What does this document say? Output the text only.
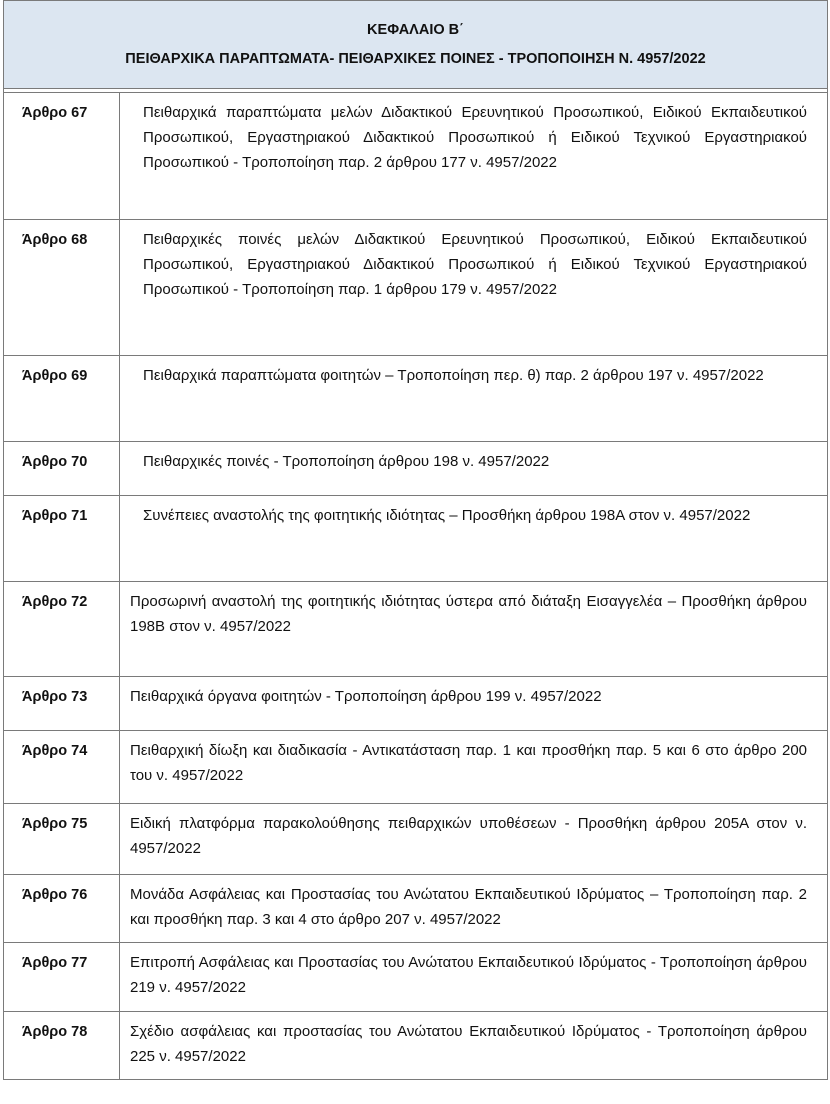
ΚΕΦΑΛΑΙΟ Β΄
ΠΕΙΘΑΡΧΙΚΑ ΠΑΡΑΠΤΩΜΑΤΑ- ΠΕΙΘΑΡΧΙΚΕΣ ΠΟΙΝΕΣ - ΤΡΟΠΟΠΟΙΗΣΗ Ν. 4957/2022	

Άρθρο 67	Πειθαρχικά παραπτώματα μελών Διδακτικού Ερευνητικού Προσωπικού, Ειδικού Εκπαιδευτικού Προσωπικού, Εργαστηριακού Διδακτικού Προσωπικού ή Ειδικού Τεχνικού Εργαστηριακού Προσωπικού - Τροποποίηση παρ. 2 άρθρου 177 ν. 4957/2022
Άρθρο 68	Πειθαρχικές ποινές μελών Διδακτικού Ερευνητικού Προσωπικού, Ειδικού Εκπαιδευτικού Προσωπικού, Εργαστηριακού Διδακτικού Προσωπικού ή Ειδικού Τεχνικού Εργαστηριακού Προσωπικού - Τροποποίηση παρ. 1 άρθρου 179 ν. 4957/2022
Άρθρο 69	Πειθαρχικά παραπτώματα φοιτητών – Τροποποίηση περ. θ) παρ. 2 άρθρου 197 ν. 4957/2022
Άρθρο 70	Πειθαρχικές ποινές - Τροποποίηση άρθρου 198 ν. 4957/2022
Άρθρο 71	Συνέπειες αναστολής της φοιτητικής ιδιότητας – Προσθήκη άρθρου 198Α στον ν. 4957/2022
Άρθρο 72	Προσωρινή αναστολή της φοιτητικής ιδιότητας ύστερα από διάταξη Εισαγγελέα – Προσθήκη άρθρου 198Β στον ν. 4957/2022
Άρθρο 73	Πειθαρχικά όργανα φοιτητών - Τροποποίηση άρθρου 199 ν. 4957/2022
Άρθρο 74	Πειθαρχική δίωξη και διαδικασία - Αντικατάσταση παρ. 1 και προσθήκη παρ. 5 και 6 στο άρθρο 200 του ν. 4957/2022
Άρθρο 75	Ειδική πλατφόρμα παρακολούθησης πειθαρχικών υποθέσεων - Προσθήκη άρθρου 205Α στον ν. 4957/2022
Άρθρο 76	Μονάδα Ασφάλειας και Προστασίας του Ανώτατου Εκπαιδευτικού Ιδρύματος – Τροποποίηση παρ. 2 και προσθήκη παρ. 3 και 4 στο άρθρο 207 ν. 4957/2022
Άρθρο 77	Επιτροπή Ασφάλειας και Προστασίας του Ανώτατου Εκπαιδευτικού Ιδρύματος - Τροποποίηση άρθρου 219 ν. 4957/2022
Άρθρο 78	Σχέδιο ασφάλειας και προστασίας του Ανώτατου Εκπαιδευτικού Ιδρύματος - Τροποποίηση άρθρου 225 ν. 4957/2022
